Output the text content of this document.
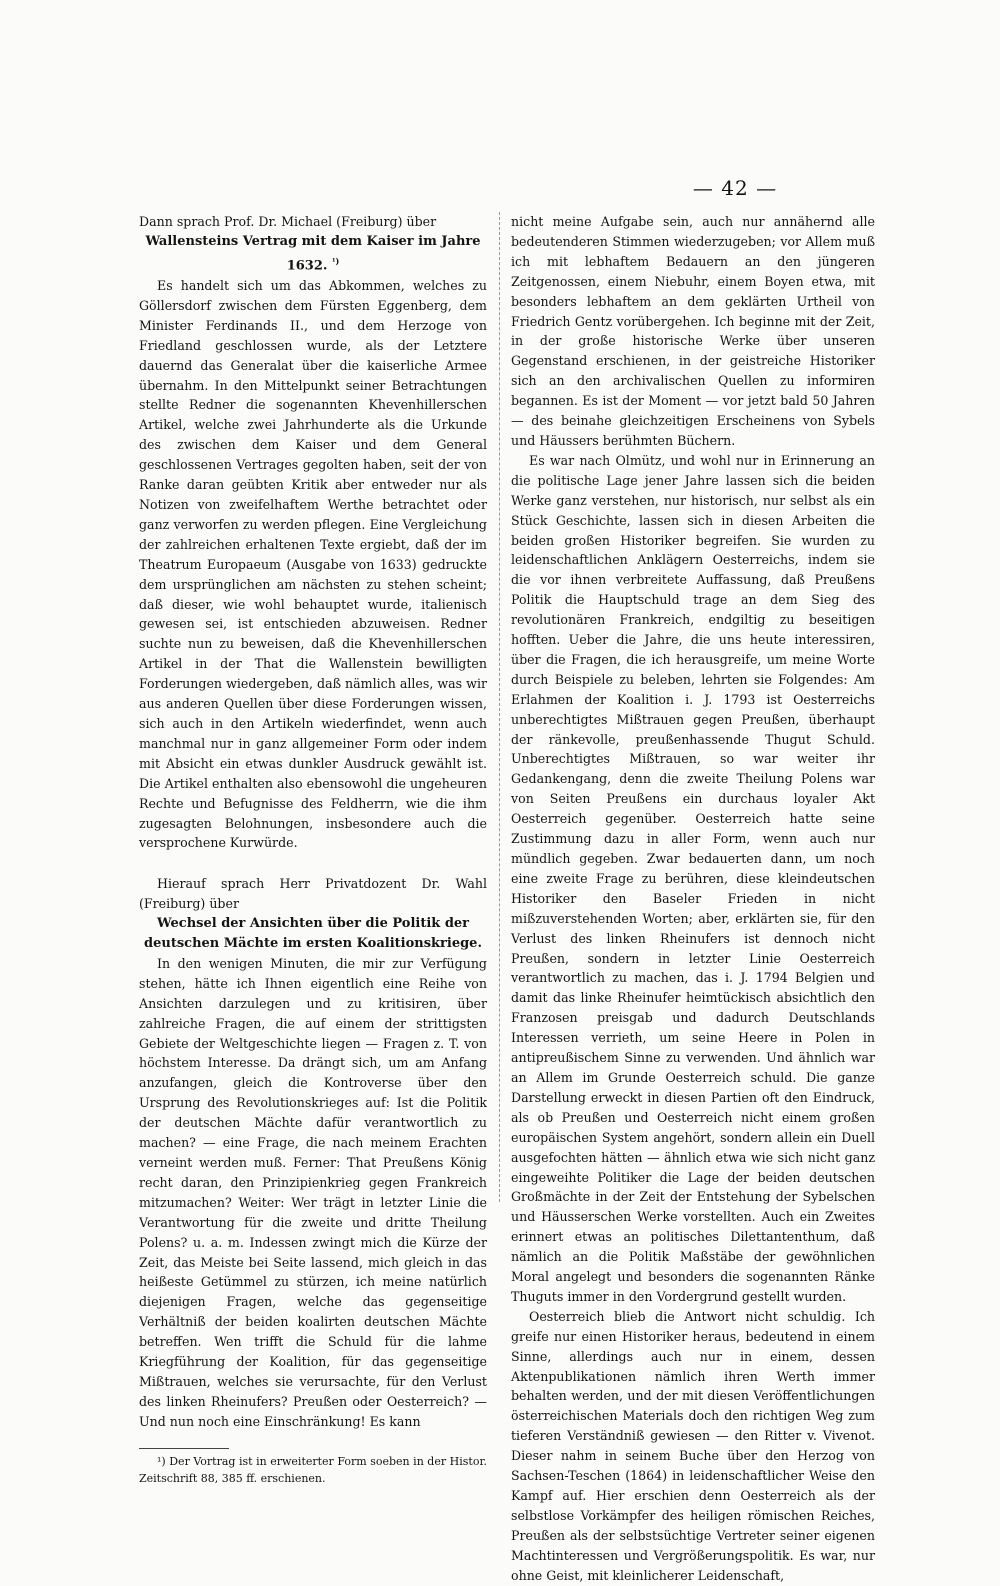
— 42 —

Dann sprach Prof. Dr. Michael (Freiburg) über

Wallensteins Vertrag mit dem Kaiser im Jahre 1632. $^{^1)}$

Es handelt sich um das Abkommen, welches zu Göllersdorf zwischen dem Fürsten Eggenberg, dem Minister Ferdinands II., und dem Herzoge von Friedland geschlossen wurde, als der Letztere dauernd das Generalat über die kaiserliche Armee übernahm. In den Mittelpunkt seiner Betrachtungen stellte Redner die sogenannten Khevenhillerschen Artikel, welche zwei Jahrhunderte als die Urkunde des zwischen dem Kaiser und dem General geschlossenen Vertrages gegolten haben, seit der von Ranke daran geübten Kritik aber entweder nur als Notizen von zweifelhaftem Werthe betrachtet oder ganz verworfen zu werden pflegen. Eine Vergleichung der zahlreichen erhaltenen Texte ergiebt, daß der im Theatrum Europaeum (Ausgabe von 1633) gedruckte dem ursprünglichen am nächsten zu stehen scheint; daß dieser, wie wohl behauptet wurde, italienisch gewesen sei, ist entschieden abzuweisen. Redner suchte nun zu beweisen, daß die Khevenhillerschen Artikel in der That die Wallenstein bewilligten Forderungen wiedergeben, daß nämlich alles, was wir aus anderen Quellen über diese Forderungen wissen, sich auch in den Artikeln wiederfindet, wenn auch manchmal nur in ganz allgemeiner Form oder indem mit Absicht ein etwas dunkler Ausdruck gewählt ist. Die Artikel enthalten also ebensowohl die ungeheuren Rechte und Befugnisse des Feldherrn, wie die ihm zugesagten Belohnungen, insbesondere auch die versprochene Kurwürde.

Hierauf sprach Herr Privatdozent Dr. Wahl (Freiburg) über

Wechsel der Ansichten über die Politik der deutschen Mächte im ersten Koalitionskriege.

In den wenigen Minuten, die mir zur Verfügung stehen, hätte ich Ihnen eigentlich eine Reihe von Ansichten darzulegen und zu kritisiren, über zahlreiche Fragen, die auf einem der strittigsten Gebiete der Weltgeschichte liegen — Fragen z. T. von höchstem Interesse. Da drängt sich, um am Anfang anzufangen, gleich die Kontroverse über den Ursprung des Revolutionskrieges auf: Ist die Politik der deutschen Mächte dafür verantwortlich zu machen? — eine Frage, die nach meinem Erachten verneint werden muß. Ferner: That Preußens König recht daran, den Prinzipienkrieg gegen Frankreich mitzumachen? Weiter: Wer trägt in letzter Linie die Verantwortung für die zweite und dritte Theilung Polens? u. a. m. Indessen zwingt mich die Kürze der Zeit, das Meiste bei Seite lassend, mich gleich in das heißeste Getümmel zu stürzen, ich meine natürlich diejenigen Fragen, welche das gegenseitige Verhältniß der beiden koalirten deutschen Mächte betreffen. Wen trifft die Schuld für die lahme Kriegführung der Koalition, für das gegenseitige Mißtrauen, welches sie verursachte, für den Verlust des linken Rheinufers? Preußen oder Oesterreich? — Und nun noch eine Einschränkung! Es kann

¹) Der Vortrag ist in erweiterter Form soeben in der Histor. Zeitschrift 88, 385 ff. erschienen.

nicht meine Aufgabe sein, auch nur annähernd alle bedeutenderen Stimmen wiederzugeben; vor Allem muß ich mit lebhaftem Bedauern an den jüngeren Zeitgenossen, einem Niebuhr, einem Boyen etwa, mit besonders lebhaftem an dem geklärten Urtheil von Friedrich Gentz vorübergehen. Ich beginne mit der Zeit, in der große historische Werke über unseren Gegenstand erschienen, in der geistreiche Historiker sich an den archivalischen Quellen zu informiren begannen. Es ist der Moment — vor jetzt bald 50 Jahren — des beinahe gleichzeitigen Erscheinens von Sybels und Häussers berühmten Büchern.

Es war nach Olmütz, und wohl nur in Erinnerung an die politische Lage jener Jahre lassen sich die beiden Werke ganz verstehen, nur historisch, nur selbst als ein Stück Geschichte, lassen sich in diesen Arbeiten die beiden großen Historiker begreifen. Sie wurden zu leidenschaftlichen Anklägern Oesterreichs, indem sie die vor ihnen verbreitete Auffassung, daß Preußens Politik die Hauptschuld trage an dem Sieg des revolutionären Frankreich, endgiltig zu beseitigen hofften. Ueber die Jahre, die uns heute interessiren, über die Fragen, die ich herausgreife, um meine Worte durch Beispiele zu beleben, lehrten sie Folgendes: Am Erlahmen der Koalition i. J. 1793 ist Oesterreichs unberechtigtes Mißtrauen gegen Preußen, überhaupt der ränkevolle, preußenhassende Thugut Schuld. Unberechtigtes Mißtrauen, so war weiter ihr Gedankengang, denn die zweite Theilung Polens war von Seiten Preußens ein durchaus loyaler Akt Oesterreich gegenüber. Oesterreich hatte seine Zustimmung dazu in aller Form, wenn auch nur mündlich gegeben. Zwar bedauerten dann, um noch eine zweite Frage zu berühren, diese kleindeutschen Historiker den Baseler Frieden in nicht mißzuverstehenden Worten; aber, erklärten sie, für den Verlust des linken Rheinufers ist dennoch nicht Preußen, sondern in letzter Linie Oesterreich verantwortlich zu machen, das i. J. 1794 Belgien und damit das linke Rheinufer heimtückisch absichtlich den Franzosen preisgab und dadurch Deutschlands Interessen verrieth, um seine Heere in Polen in antipreußischem Sinne zu verwenden. Und ähnlich war an Allem im Grunde Oesterreich schuld. Die ganze Darstellung erweckt in diesen Partien oft den Eindruck, als ob Preußen und Oesterreich nicht einem großen europäischen System angehört, sondern allein ein Duell ausgefochten hätten — ähnlich etwa wie sich nicht ganz eingeweihte Politiker die Lage der beiden deutschen Großmächte in der Zeit der Entstehung der Sybelschen und Häusserschen Werke vorstellten. Auch ein Zweites erinnert etwas an politisches Dilettantenthum, daß nämlich an die Politik Maßstäbe der gewöhnlichen Moral angelegt und besonders die sogenannten Ränke Thuguts immer in den Vordergrund gestellt wurden.

Oesterreich blieb die Antwort nicht schuldig. Ich greife nur einen Historiker heraus, bedeutend in einem Sinne, allerdings auch nur in einem, dessen Aktenpublikationen nämlich ihren Werth immer behalten werden, und der mit diesen Veröffentlichungen österreichischen Materials doch den richtigen Weg zum tieferen Verständniß gewiesen — den Ritter v. Vivenot. Dieser nahm in seinem Buche über den Herzog von Sachsen-Teschen (1864) in leidenschaftlicher Weise den Kampf auf. Hier erschien denn Oesterreich als der selbstlose Vorkämpfer des heiligen römischen Reiches, Preußen als der selbstsüchtige Vertreter seiner eigenen Machtinteressen und Vergrößerungspolitik. Es war, nur ohne Geist, mit kleinlicherer Leidenschaft,
